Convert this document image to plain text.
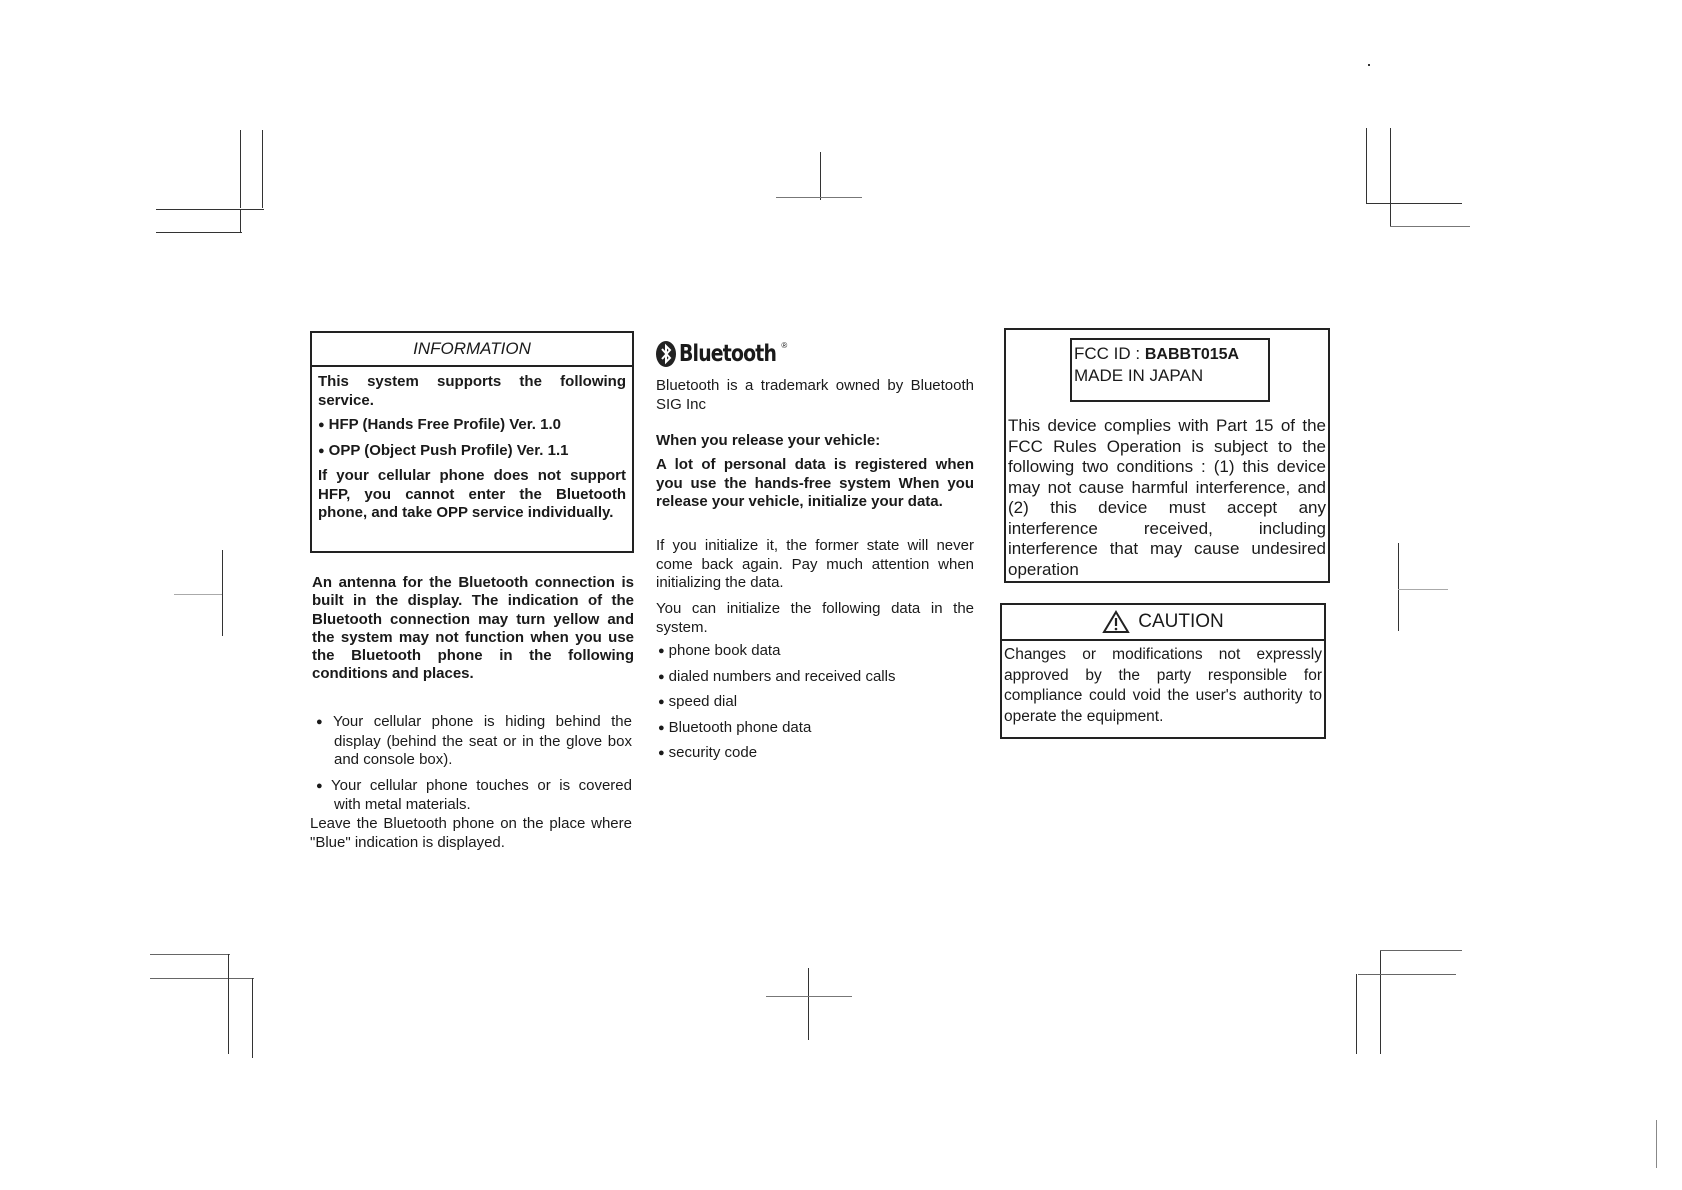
INFORMATION

This system supports the following service.

● HFP (Hands Free Profile) Ver. 1.0

● OPP (Object Push Profile) Ver. 1.1

If your cellular phone does not support HFP, you cannot enter the Bluetooth phone, and take OPP service individually.

An antenna for the Bluetooth connection is built in the display. The indication of the Bluetooth connection may turn yellow and the system may not function when you use the Bluetooth phone in the following conditions and places.

● Your cellular phone is hiding behind the display (behind the seat or in the glove box and console box).
● Your cellular phone touches or is covered with metal materials.

Leave the Bluetooth phone on the place where "Blue" indication is displayed.

Bluetooth ®

Bluetooth is a trademark owned by Bluetooth SIG Inc

When you release your vehicle:

A lot of personal data is registered when you use the hands-free system When you release your vehicle, initialize your data.

If you initialize it, the former state will never come back again. Pay much attention when initializing the data.

You can initialize the following data in the system.

● phone book data
● dialed numbers and received calls
● speed dial
● Bluetooth phone data
● security code
FCC ID : BABBT015A
MADE IN JAPAN

This device complies with Part 15 of the FCC Rules Operation is subject to the following two conditions : (1) this device may not cause harmful interference, and (2) this device must accept any interference received, including interference that may cause undesired operation

CAUTION

Changes or modifications not expressly approved by the party responsible for compliance could void the user's authority to operate the equipment.
